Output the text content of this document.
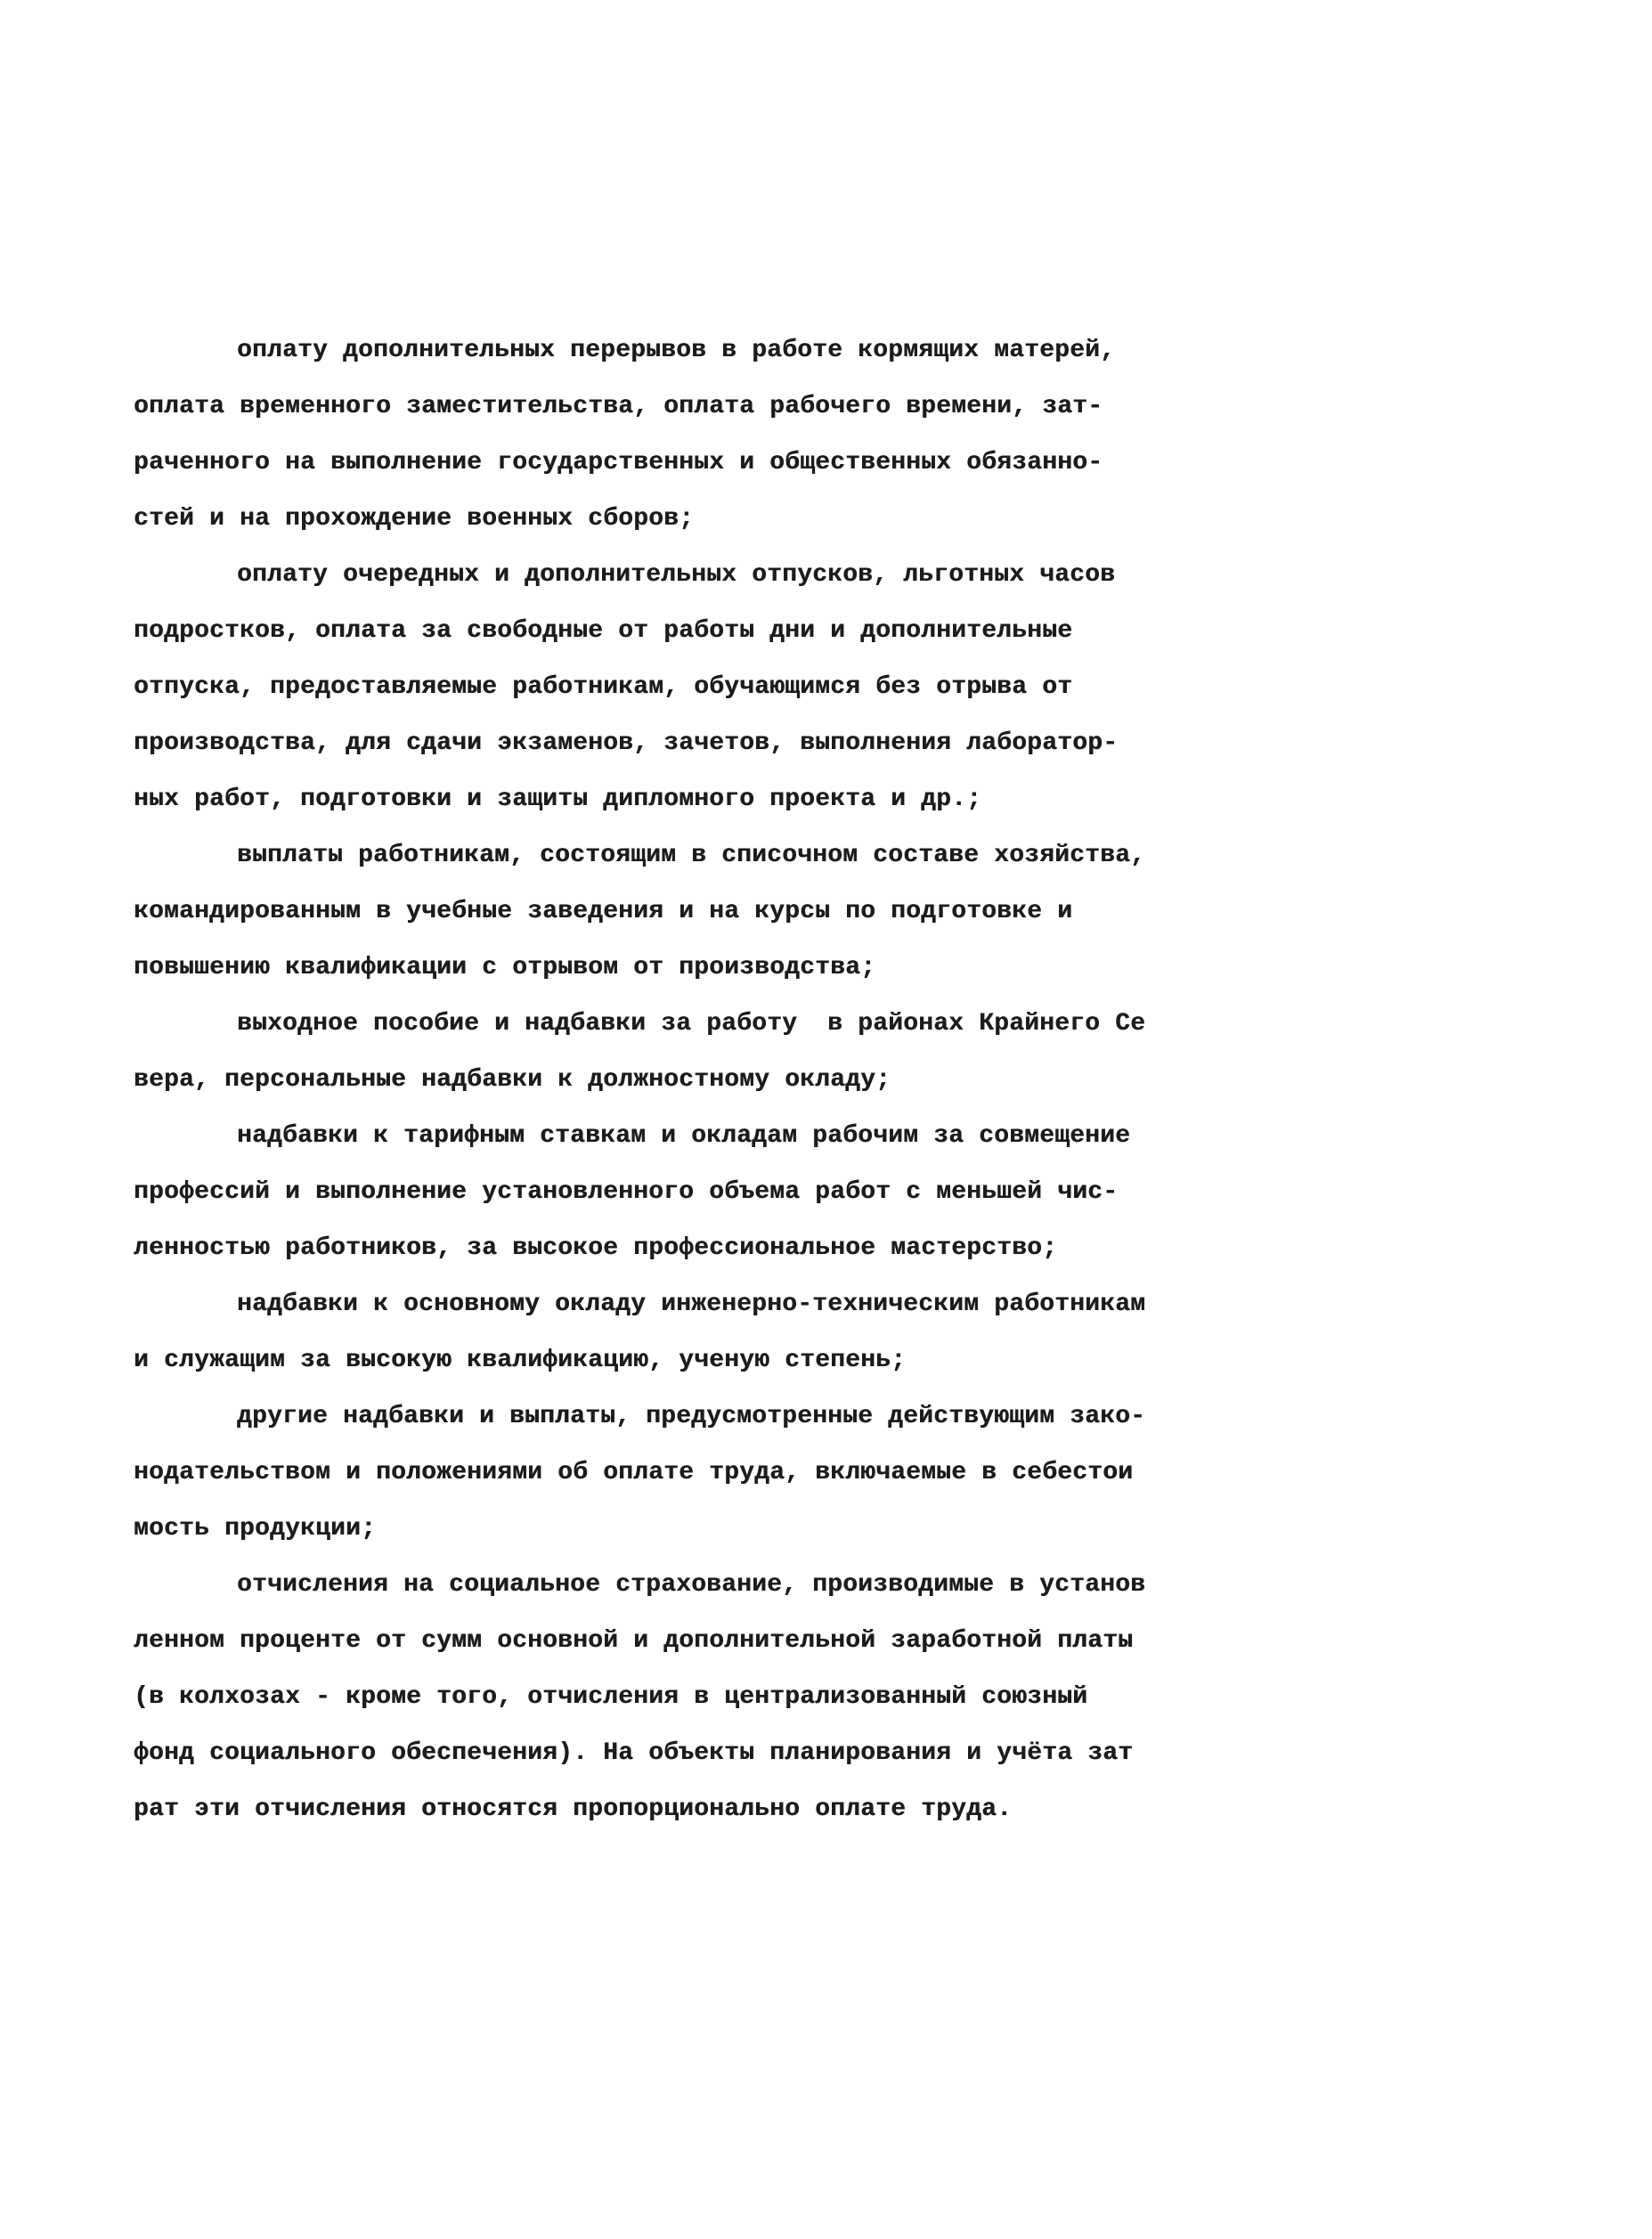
оплату дополнительных перерывов в работе кормящих матерей,
оплата временного заместительства, оплата рабочего времени, зат-
раченного на выполнение государственных и общественных обязанно-
стей и на прохождение военных сборов;
оплату очередных и дополнительных отпусков, льготных часов
подростков, оплата за свободные от работы дни и дополнительные
отпуска, предоставляемые работникам, обучающимся без отрыва от
производства, для сдачи экзаменов, зачетов, выполнения лаборатор-
ных работ, подготовки и защиты дипломного проекта и др.;
выплаты работникам, состоящим в списочном составе хозяйства,
командированным в учебные заведения и на курсы по подготовке и
повышению квалификации с отрывом от производства;
выходное пособие и надбавки за работу  в районах Крайнего Се
вера, персональные надбавки к должностному окладу;
надбавки к тарифным ставкам и окладам рабочим за совмещение
профессий и выполнение установленного объема работ с меньшей чис-
ленностью работников, за высокое профессиональное мастерство;
надбавки к основному окладу инженерно-техническим работникам
и служащим за высокую квалификацию, ученую степень;
другие надбавки и выплаты, предусмотренные действующим зако-
нодательством и положениями об оплате труда, включаемые в себестои
мость продукции;
отчисления на социальное страхование, производимые в установ
ленном проценте от сумм основной и дополнительной заработной платы
(в колхозах - кроме того, отчисления в централизованный союзный
фонд социального обеспечения). На объекты планирования и учёта зат
рат эти отчисления относятся пропорционально оплате труда.
